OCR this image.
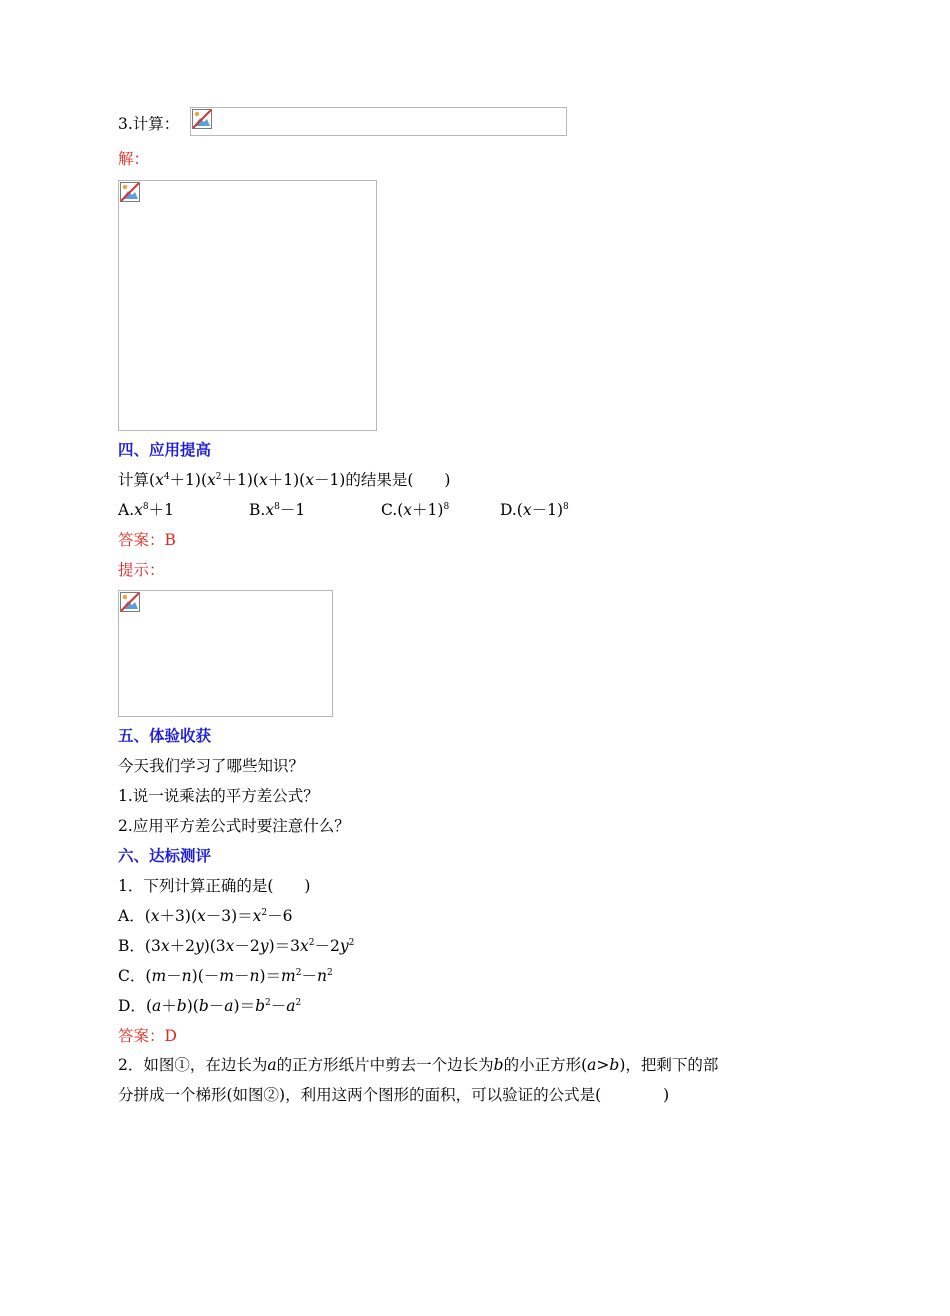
3.计算：
解：
四、应用提高
计算$(x^4+1)(x^2+1)(x+1)(x-1)$的结果是(　　)
$A.x^8+1$	$B.x^8-1$	$C.(x+1)^8$	$D.(x-1)^8$
答案：B
提示：
五、体验收获
今天我们学习了哪些知识？
1.说一说乘法的平方差公式？
2.应用平方差公式时要注意什么？
六、达标测评
1．下列计算正确的是(　　)
A．$(x+3)(x-3)=x^2-6$
B．$(3x+2y)(3x-2y)=3x^2-2y^2$
C．$(m-n)(-m-n)=m^2-n^2$
D．$(a+b)(b-a)=b^2-a^2$
答案：D
2．如图①，在边长为a的正方形纸片中剪去一个边长为b的小正方形(a>b)，把剩下的部
分拼成一个梯形(如图②)，利用这两个图形的面积，可以验证的公式是(　　　　)
